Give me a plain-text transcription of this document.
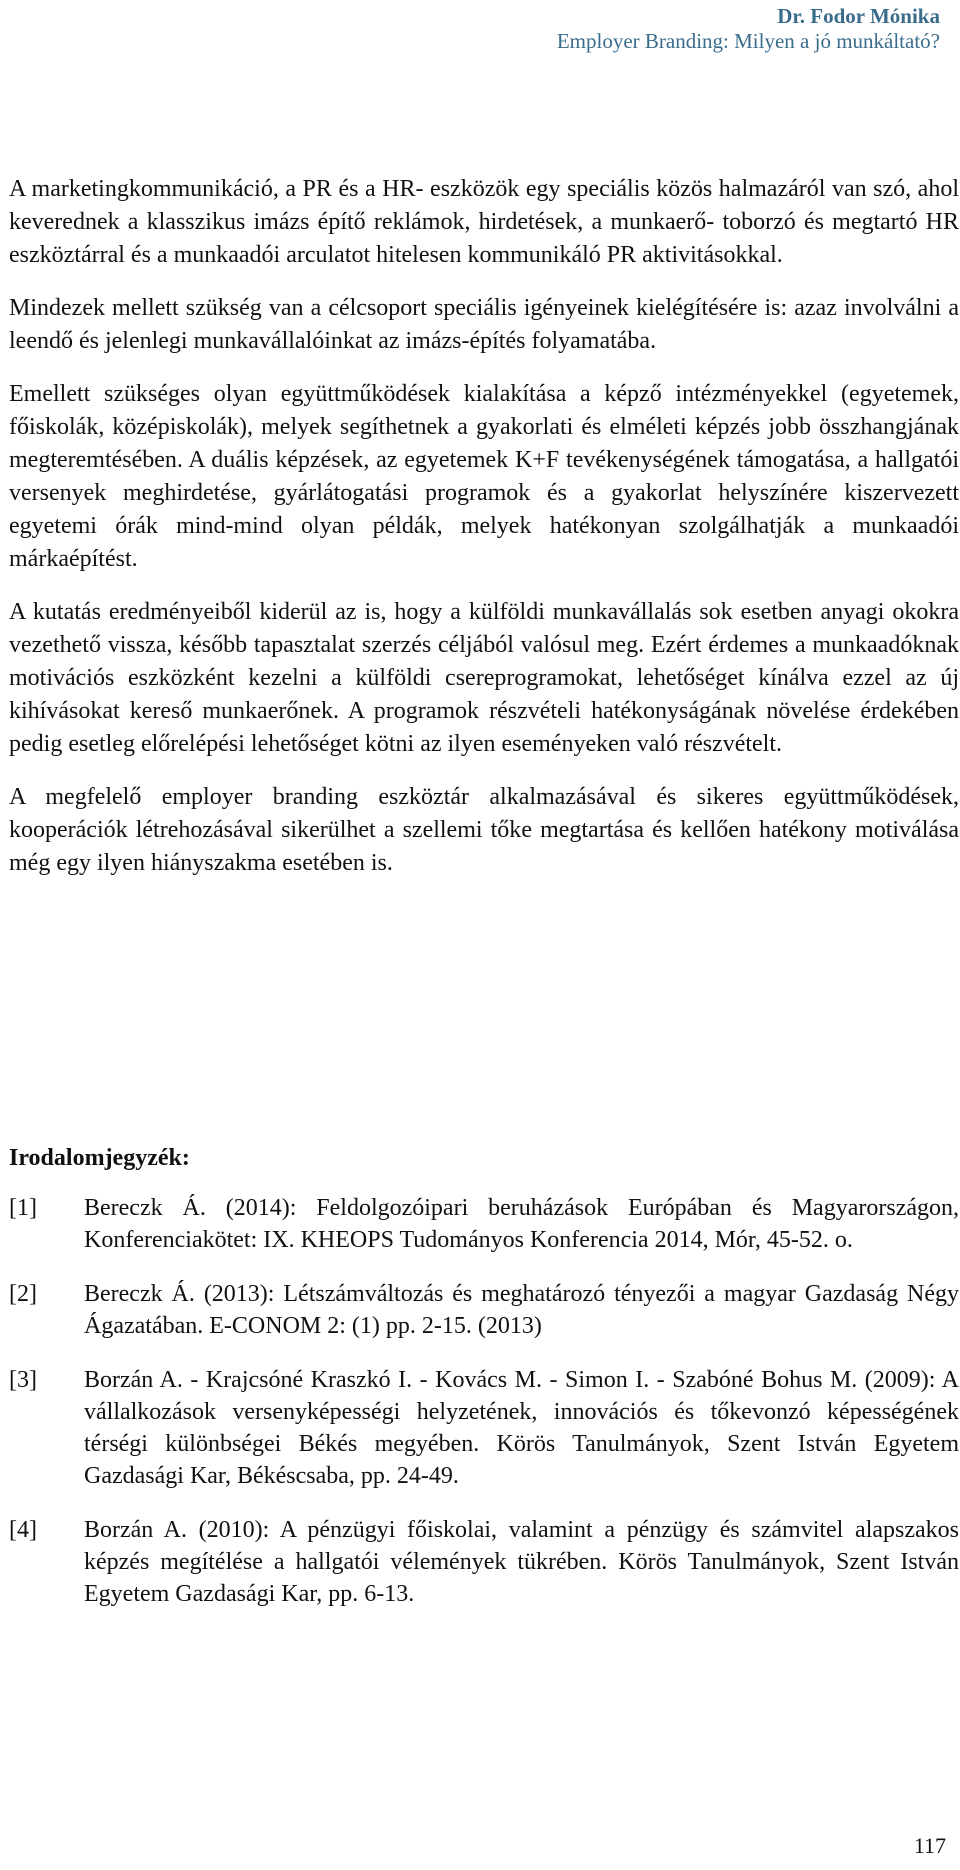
Dr. Fodor Mónika
Employer Branding: Milyen a jó munkáltató?

A marketingkommunikáció, a PR és a HR- eszközök egy speciális közös halmazáról van szó, ahol keverednek a klasszikus imázs építő reklámok, hirdetések, a munkaerő- toborzó és megtartó HR eszköztárral és a munkaadói arculatot hitelesen kommunikáló PR aktivitásokkal.

Mindezek mellett szükség van a célcsoport speciális igényeinek kielégítésére is: azaz involválni a leendő és jelenlegi munkavállalóinkat az imázs-építés folyamatába.

Emellett szükséges olyan együttműködések kialakítása a képző intézményekkel (egyetemek, főiskolák, középiskolák), melyek segíthetnek a gyakorlati és elméleti képzés jobb összhangjának megteremtésében. A duális képzések, az egyetemek K+F tevékenységének támogatása, a hallgatói versenyek meghirdetése, gyárlátogatási programok és a gyakorlat helyszínére kiszervezett egyetemi órák mind-mind olyan példák, melyek hatékonyan szolgálhatják a munkaadói márkaépítést.

A kutatás eredményeiből kiderül az is, hogy a külföldi munkavállalás sok esetben anyagi okokra vezethető vissza, később tapasztalat szerzés céljából valósul meg. Ezért érdemes a munkaadóknak motivációs eszközként kezelni a külföldi csereprogramokat, lehetőséget kínálva ezzel az új kihívásokat kereső munkaerőnek. A programok részvételi hatékonyságának növelése érdekében pedig esetleg előrelépési lehetőséget kötni az ilyen eseményeken való részvételt.

A megfelelő employer branding eszköztár alkalmazásával és sikeres együttműködések, kooperációk létrehozásával sikerülhet a szellemi tőke megtartása és kellően hatékony motiválása még egy ilyen hiányszakma esetében is.

Irodalomjegyzék:
[1]	Bereczk Á. (2014): Feldolgozóipari beruházások Európában és Magyarországon, Konferenciakötet: IX. KHEOPS Tudományos Konferencia 2014, Mór, 45-52. o.
[2]	Bereczk Á. (2013): Létszámváltozás és meghatározó tényezői a magyar Gazdaság Négy Ágazatában. E-CONOM 2: (1) pp. 2-15. (2013)
[3]	Borzán A. - Krajcsóné Kraszkó I. - Kovács M. - Simon I. - Szabóné Bohus M. (2009): A vállalkozások versenyképességi helyzetének, innovációs és tőkevonzó képességének térségi különbségei Békés megyében. Körös Tanulmányok, Szent István Egyetem Gazdasági Kar, Békéscsaba, pp. 24-49.
[4]	Borzán A. (2010): A pénzügyi főiskolai, valamint a pénzügy és számvitel alapszakos képzés megítélése a hallgatói vélemények tükrében. Körös Tanulmányok, Szent István Egyetem Gazdasági Kar, pp. 6-13.
117
